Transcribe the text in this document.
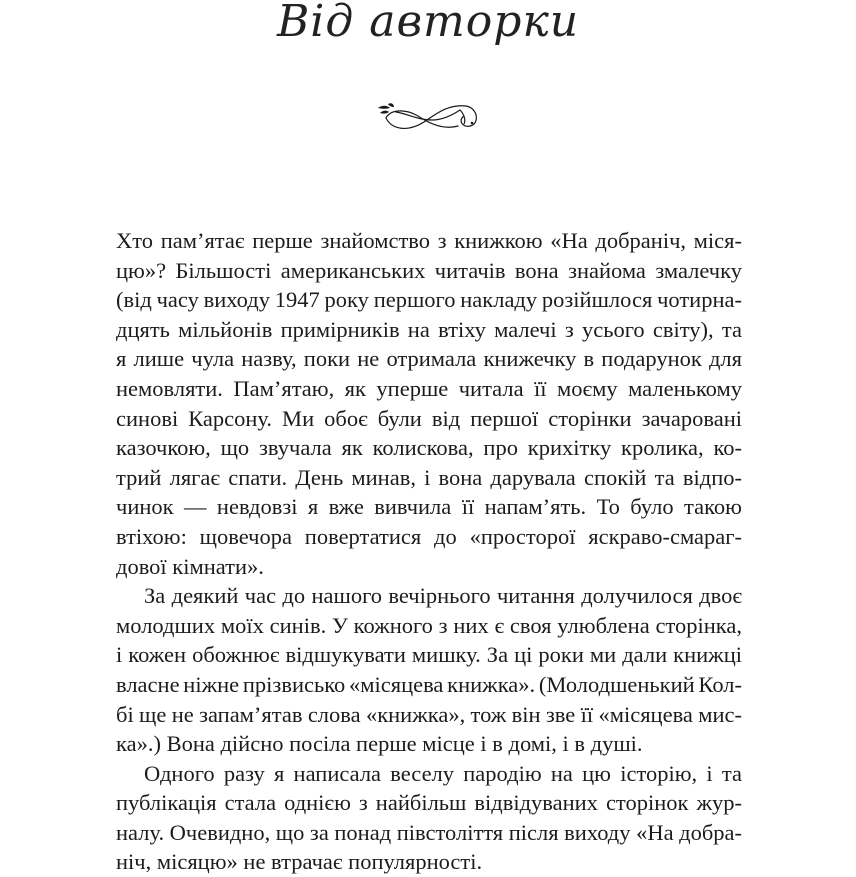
Від авторки

Хто пам’ятає перше знайомство з книжкою «На добраніч, міся-
цю»? Більшості американських читачів вона знайома змалечку
(від часу виходу 1947 року першого накладу розійшлося чотирна-
дцять мільйонів примірників на втіху малечі з усього світу), та
я лише чула назву, поки не отримала книжечку в подарунок для
немовляти. Пам’ятаю, як уперше читала її моєму маленькому
синові Карсону. Ми обоє були від першої сторінки зачаровані
казочкою, що звучала як колискова, про крихітку кролика, ко-
трий лягає спати. День минав, і вона дарувала спокій та відпо-
чинок — невдовзі я вже вивчила її напам’ять. То було такою
втіхою: щовечора повертатися до «просторої яскраво-смараг-
дової кімнати».

За деякий час до нашого вечірнього читання долучилося двоє
молодших моїх синів. У кожного з них є своя улюблена сторінка,
і кожен обожнює відшукувати мишку. За ці роки ми дали книжці
власне ніжне прізвисько «місяцева книжка». (Молодшенький Кол-
бі ще не запам’ятав слова «книжка», тож він зве її «місяцева мис-
ка».) Вона дійсно посіла перше місце і в домі, і в душі.

Одного разу я написала веселу пародію на цю історію, і та
публікація стала однією з найбільш відвідуваних сторінок жур-
налу. Очевидно, що за понад півстоліття після виходу «На добра-
ніч, місяцю» не втрачає популярності.
